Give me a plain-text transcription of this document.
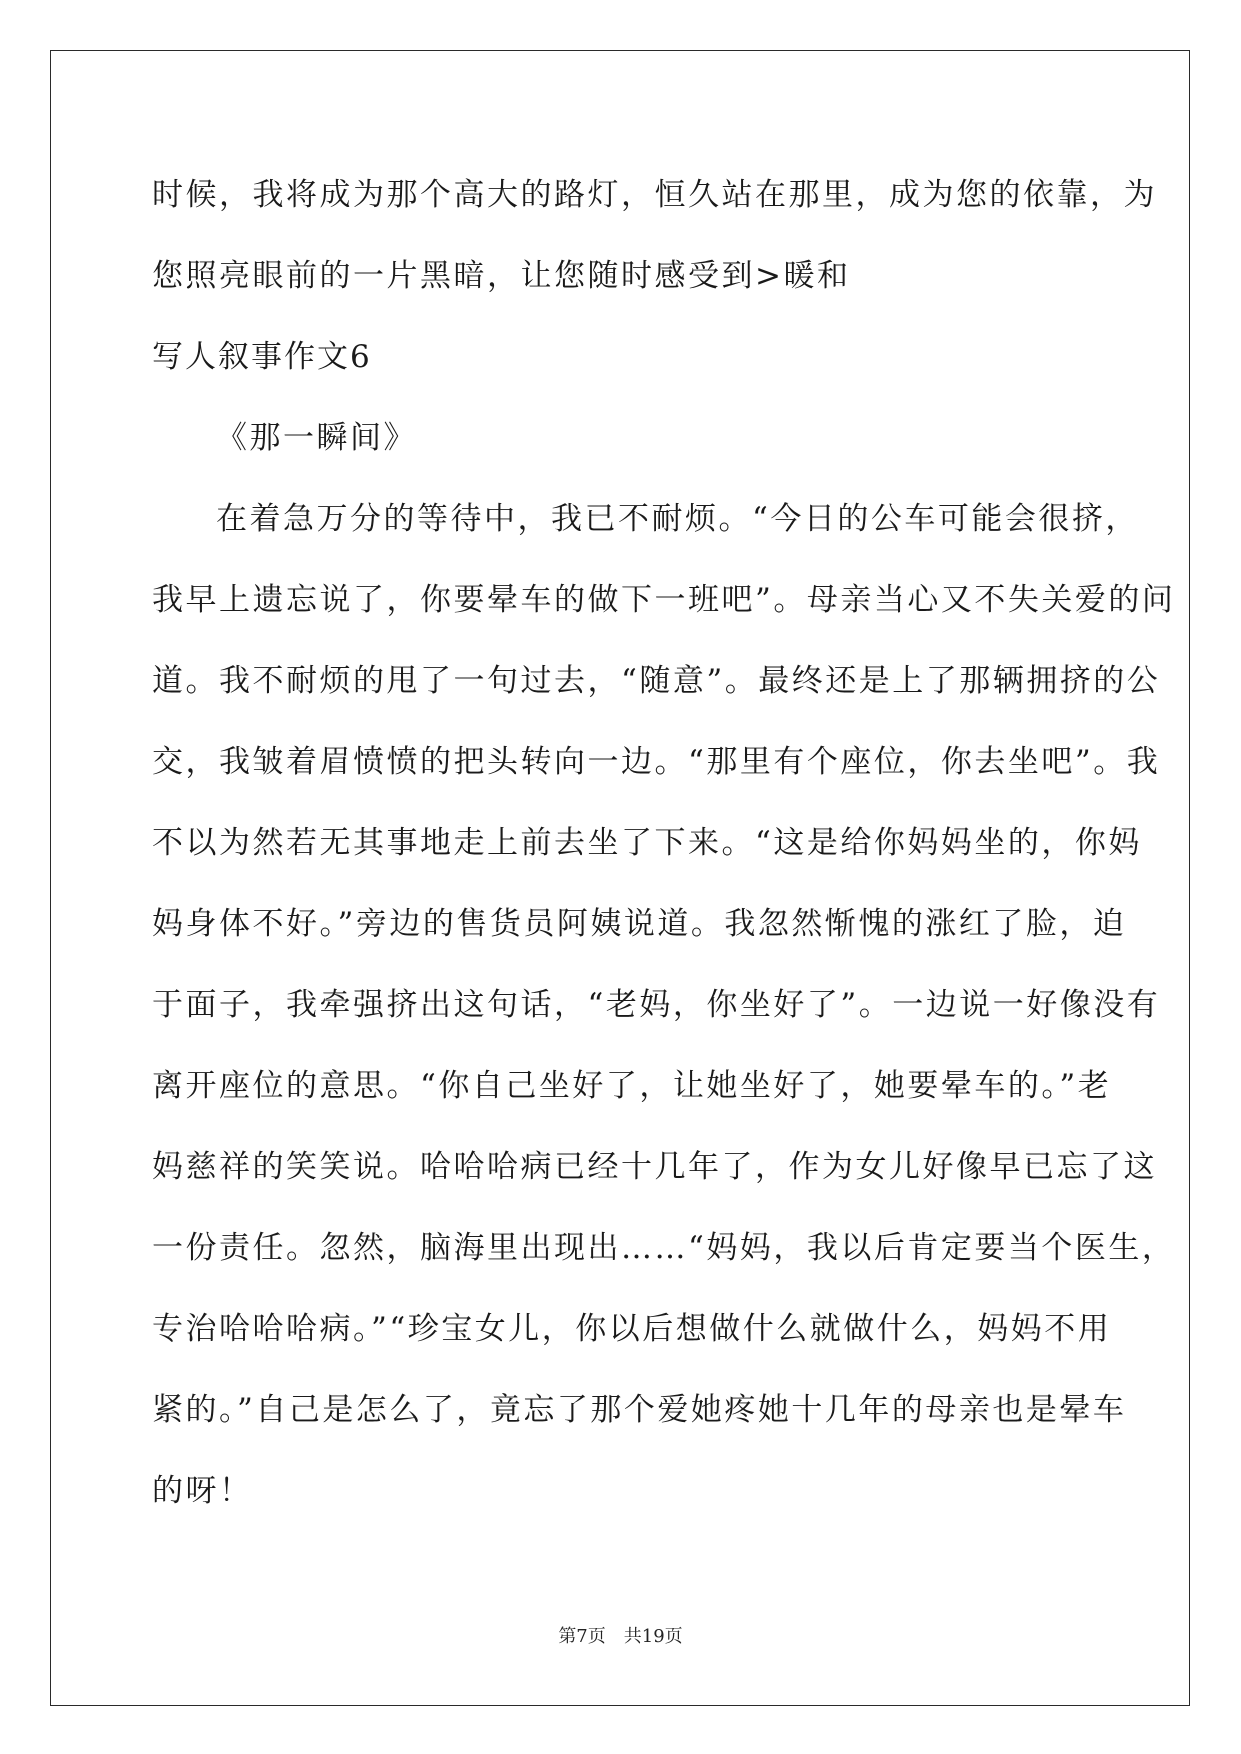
时候，我将成为那个高大的路灯，恒久站在那里，成为您的依靠，为
您照亮眼前的一片黑暗，让您随时感受到>暖和
写人叙事作文6
《那一瞬间》
在着急万分的等待中，我已不耐烦。“今日的公车可能会很挤，
我早上遗忘说了，你要晕车的做下一班吧”。母亲当心又不失关爱的问
道。我不耐烦的甩了一句过去，“随意”。最终还是上了那辆拥挤的公
交，我皱着眉愤愤的把头转向一边。“那里有个座位，你去坐吧”。我
不以为然若无其事地走上前去坐了下来。“这是给你妈妈坐的，你妈
妈身体不好。”旁边的售货员阿姨说道。我忽然惭愧的涨红了脸，迫
于面子，我牵强挤出这句话，“老妈，你坐好了”。一边说一好像没有
离开座位的意思。“你自己坐好了，让她坐好了，她要晕车的。”老
妈慈祥的笑笑说。哈哈哈病已经十几年了，作为女儿好像早已忘了这
一份责任。忽然，脑海里出现出……“妈妈，我以后肯定要当个医生，
专治哈哈哈病。”“珍宝女儿，你以后想做什么就做什么，妈妈不用
紧的。”自己是怎么了，竟忘了那个爱她疼她十几年的母亲也是晕车
的呀！
第7页 共19页
